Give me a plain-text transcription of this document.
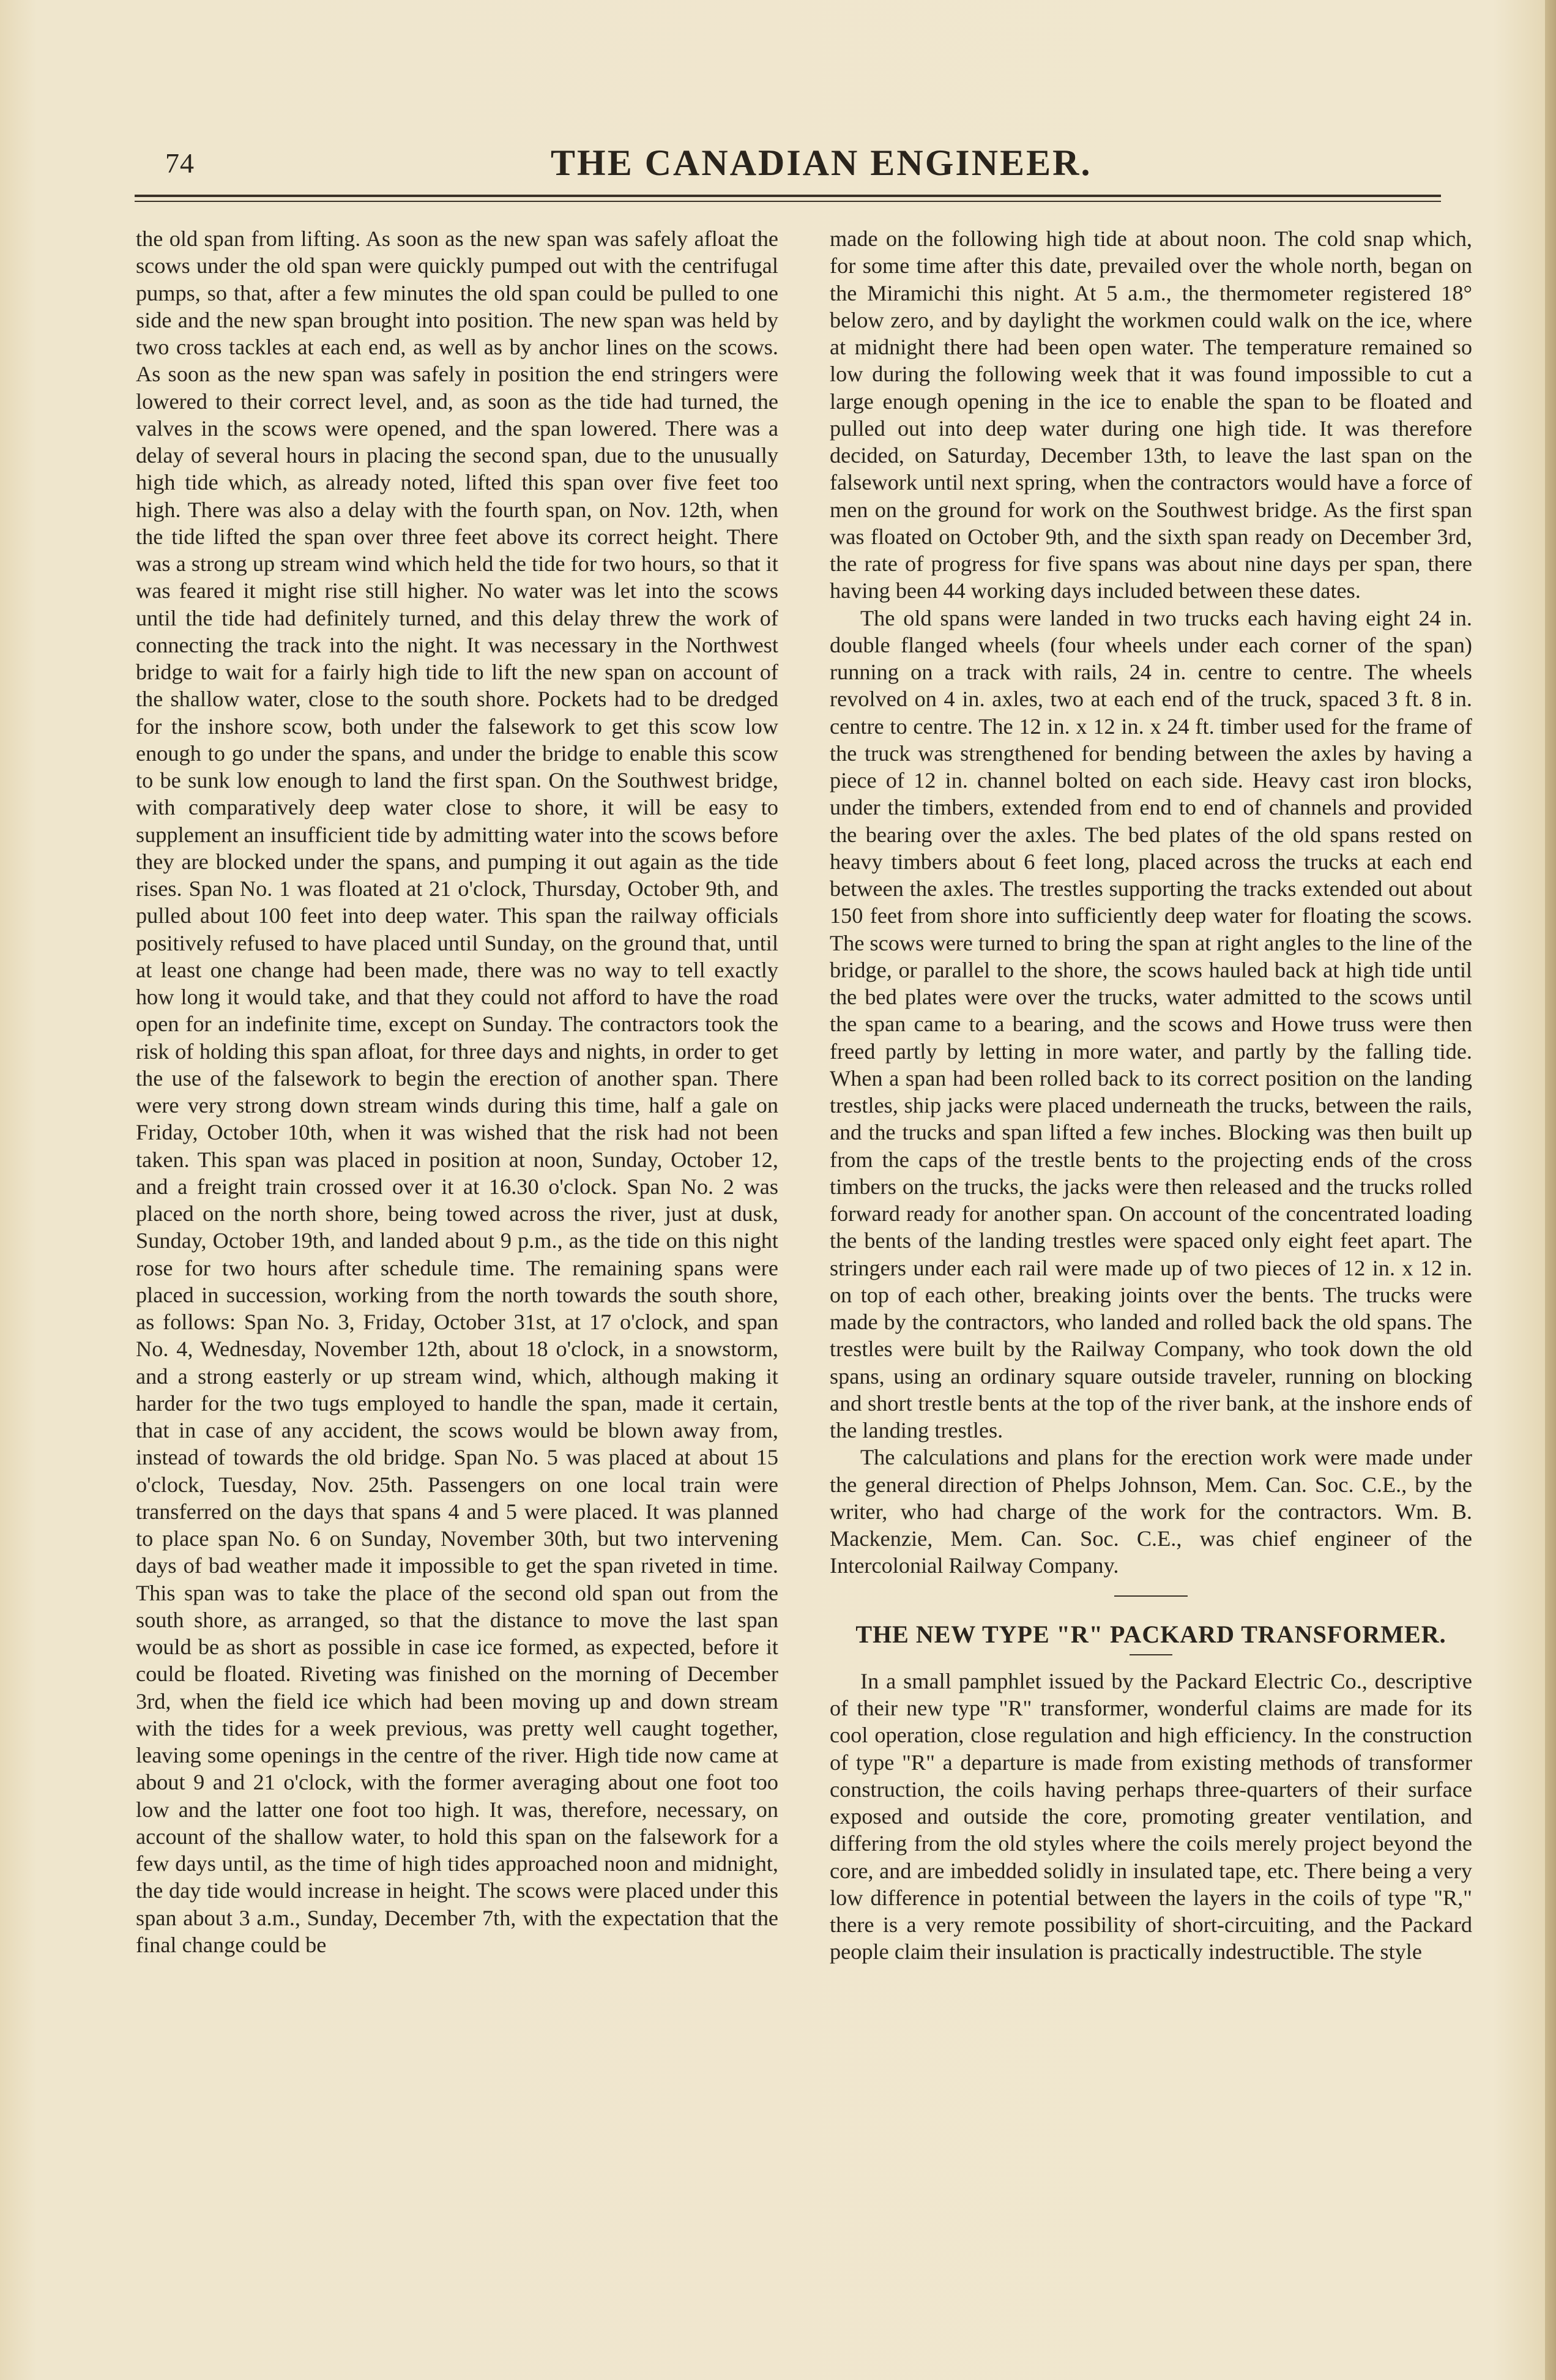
74	THE CANADIAN ENGINEER.

the old span from lifting. As soon as the new span was safely afloat the scows under the old span were quickly pumped out with the centrifugal pumps, so that, after a few minutes the old span could be pulled to one side and the new span brought into position. The new span was held by two cross tackles at each end, as well as by anchor lines on the scows. As soon as the new span was safely in position the end stringers were lowered to their correct level, and, as soon as the tide had turned, the valves in the scows were opened, and the span lowered. There was a delay of several hours in placing the second span, due to the unusually high tide which, as already noted, lifted this span over five feet too high. There was also a delay with the fourth span, on Nov. 12th, when the tide lifted the span over three feet above its correct height. There was a strong up stream wind which held the tide for two hours, so that it was feared it might rise still higher. No water was let into the scows until the tide had definitely turned, and this delay threw the work of connecting the track into the night. It was necessary in the Northwest bridge to wait for a fairly high tide to lift the new span on account of the shallow water, close to the south shore. Pockets had to be dredged for the inshore scow, both under the falsework to get this scow low enough to go under the spans, and under the bridge to enable this scow to be sunk low enough to land the first span. On the Southwest bridge, with comparatively deep water close to shore, it will be easy to supplement an insufficient tide by admitting water into the scows before they are blocked under the spans, and pumping it out again as the tide rises. Span No. 1 was floated at 21 o'clock, Thursday, October 9th, and pulled about 100 feet into deep water. This span the railway officials positively refused to have placed until Sunday, on the ground that, until at least one change had been made, there was no way to tell exactly how long it would take, and that they could not afford to have the road open for an indefinite time, except on Sunday. The contractors took the risk of holding this span afloat, for three days and nights, in order to get the use of the falsework to begin the erection of another span. There were very strong down stream winds during this time, half a gale on Friday, October 10th, when it was wished that the risk had not been taken. This span was placed in position at noon, Sunday, October 12, and a freight train crossed over it at 16.30 o'clock. Span No. 2 was placed on the north shore, being towed across the river, just at dusk, Sunday, October 19th, and landed about 9 p.m., as the tide on this night rose for two hours after schedule time. The remaining spans were placed in succession, working from the north towards the south shore, as follows: Span No. 3, Friday, October 31st, at 17 o'clock, and span No. 4, Wednesday, November 12th, about 18 o'clock, in a snowstorm, and a strong easterly or up stream wind, which, although making it harder for the two tugs employed to handle the span, made it certain, that in case of any accident, the scows would be blown away from, instead of towards the old bridge. Span No. 5 was placed at about 15 o'clock, Tuesday, Nov. 25th. Passengers on one local train were transferred on the days that spans 4 and 5 were placed. It was planned to place span No. 6 on Sunday, November 30th, but two intervening days of bad weather made it impossible to get the span riveted in time. This span was to take the place of the second old span out from the south shore, as arranged, so that the distance to move the last span would be as short as possible in case ice formed, as expected, before it could be floated. Riveting was finished on the morning of December 3rd, when the field ice which had been moving up and down stream with the tides for a week previous, was pretty well caught together, leaving some openings in the centre of the river. High tide now came at about 9 and 21 o'clock, with the former averaging about one foot too low and the latter one foot too high. It was, therefore, necessary, on account of the shallow water, to hold this span on the falsework for a few days until, as the time of high tides approached noon and midnight, the day tide would increase in height. The scows were placed under this span about 3 a.m., Sunday, December 7th, with the expectation that the final change could be

made on the following high tide at about noon. The cold snap which, for some time after this date, prevailed over the whole north, began on the Miramichi this night. At 5 a.m., the thermometer registered 18° below zero, and by daylight the workmen could walk on the ice, where at midnight there had been open water. The temperature remained so low during the following week that it was found impossible to cut a large enough opening in the ice to enable the span to be floated and pulled out into deep water during one high tide. It was therefore decided, on Saturday, December 13th, to leave the last span on the falsework until next spring, when the contractors would have a force of men on the ground for work on the Southwest bridge. As the first span was floated on October 9th, and the sixth span ready on December 3rd, the rate of progress for five spans was about nine days per span, there having been 44 working days included between these dates.

The old spans were landed in two trucks each having eight 24 in. double flanged wheels (four wheels under each corner of the span) running on a track with rails, 24 in. centre to centre. The wheels revolved on 4 in. axles, two at each end of the truck, spaced 3 ft. 8 in. centre to centre. The 12 in. x 12 in. x 24 ft. timber used for the frame of the truck was strengthened for bending between the axles by having a piece of 12 in. channel bolted on each side. Heavy cast iron blocks, under the timbers, extended from end to end of channels and provided the bearing over the axles. The bed plates of the old spans rested on heavy timbers about 6 feet long, placed across the trucks at each end between the axles. The trestles supporting the tracks extended out about 150 feet from shore into sufficiently deep water for floating the scows. The scows were turned to bring the span at right angles to the line of the bridge, or parallel to the shore, the scows hauled back at high tide until the bed plates were over the trucks, water admitted to the scows until the span came to a bearing, and the scows and Howe truss were then freed partly by letting in more water, and partly by the falling tide. When a span had been rolled back to its correct position on the landing trestles, ship jacks were placed underneath the trucks, between the rails, and the trucks and span lifted a few inches. Blocking was then built up from the caps of the trestle bents to the projecting ends of the cross timbers on the trucks, the jacks were then released and the trucks rolled forward ready for another span. On account of the concentrated loading the bents of the landing trestles were spaced only eight feet apart. The stringers under each rail were made up of two pieces of 12 in. x 12 in. on top of each other, breaking joints over the bents. The trucks were made by the contractors, who landed and rolled back the old spans. The trestles were built by the Railway Company, who took down the old spans, using an ordinary square outside traveler, running on blocking and short trestle bents at the top of the river bank, at the inshore ends of the landing trestles.

The calculations and plans for the erection work were made under the general direction of Phelps Johnson, Mem. Can. Soc. C.E., by the writer, who had charge of the work for the contractors. Wm. B. Mackenzie, Mem. Can. Soc. C.E., was chief engineer of the Intercolonial Railway Company.

THE NEW TYPE "R" PACKARD TRANSFORMER.

In a small pamphlet issued by the Packard Electric Co., descriptive of their new type "R" transformer, wonderful claims are made for its cool operation, close regulation and high efficiency. In the construction of type "R" a departure is made from existing methods of transformer construction, the coils having perhaps three-quarters of their surface exposed and outside the core, promoting greater ventilation, and differing from the old styles where the coils merely project beyond the core, and are imbedded solidly in insulated tape, etc. There being a very low difference in potential between the layers in the coils of type "R," there is a very remote possibility of short-circuiting, and the Packard people claim their insulation is practically indestructible. The style
